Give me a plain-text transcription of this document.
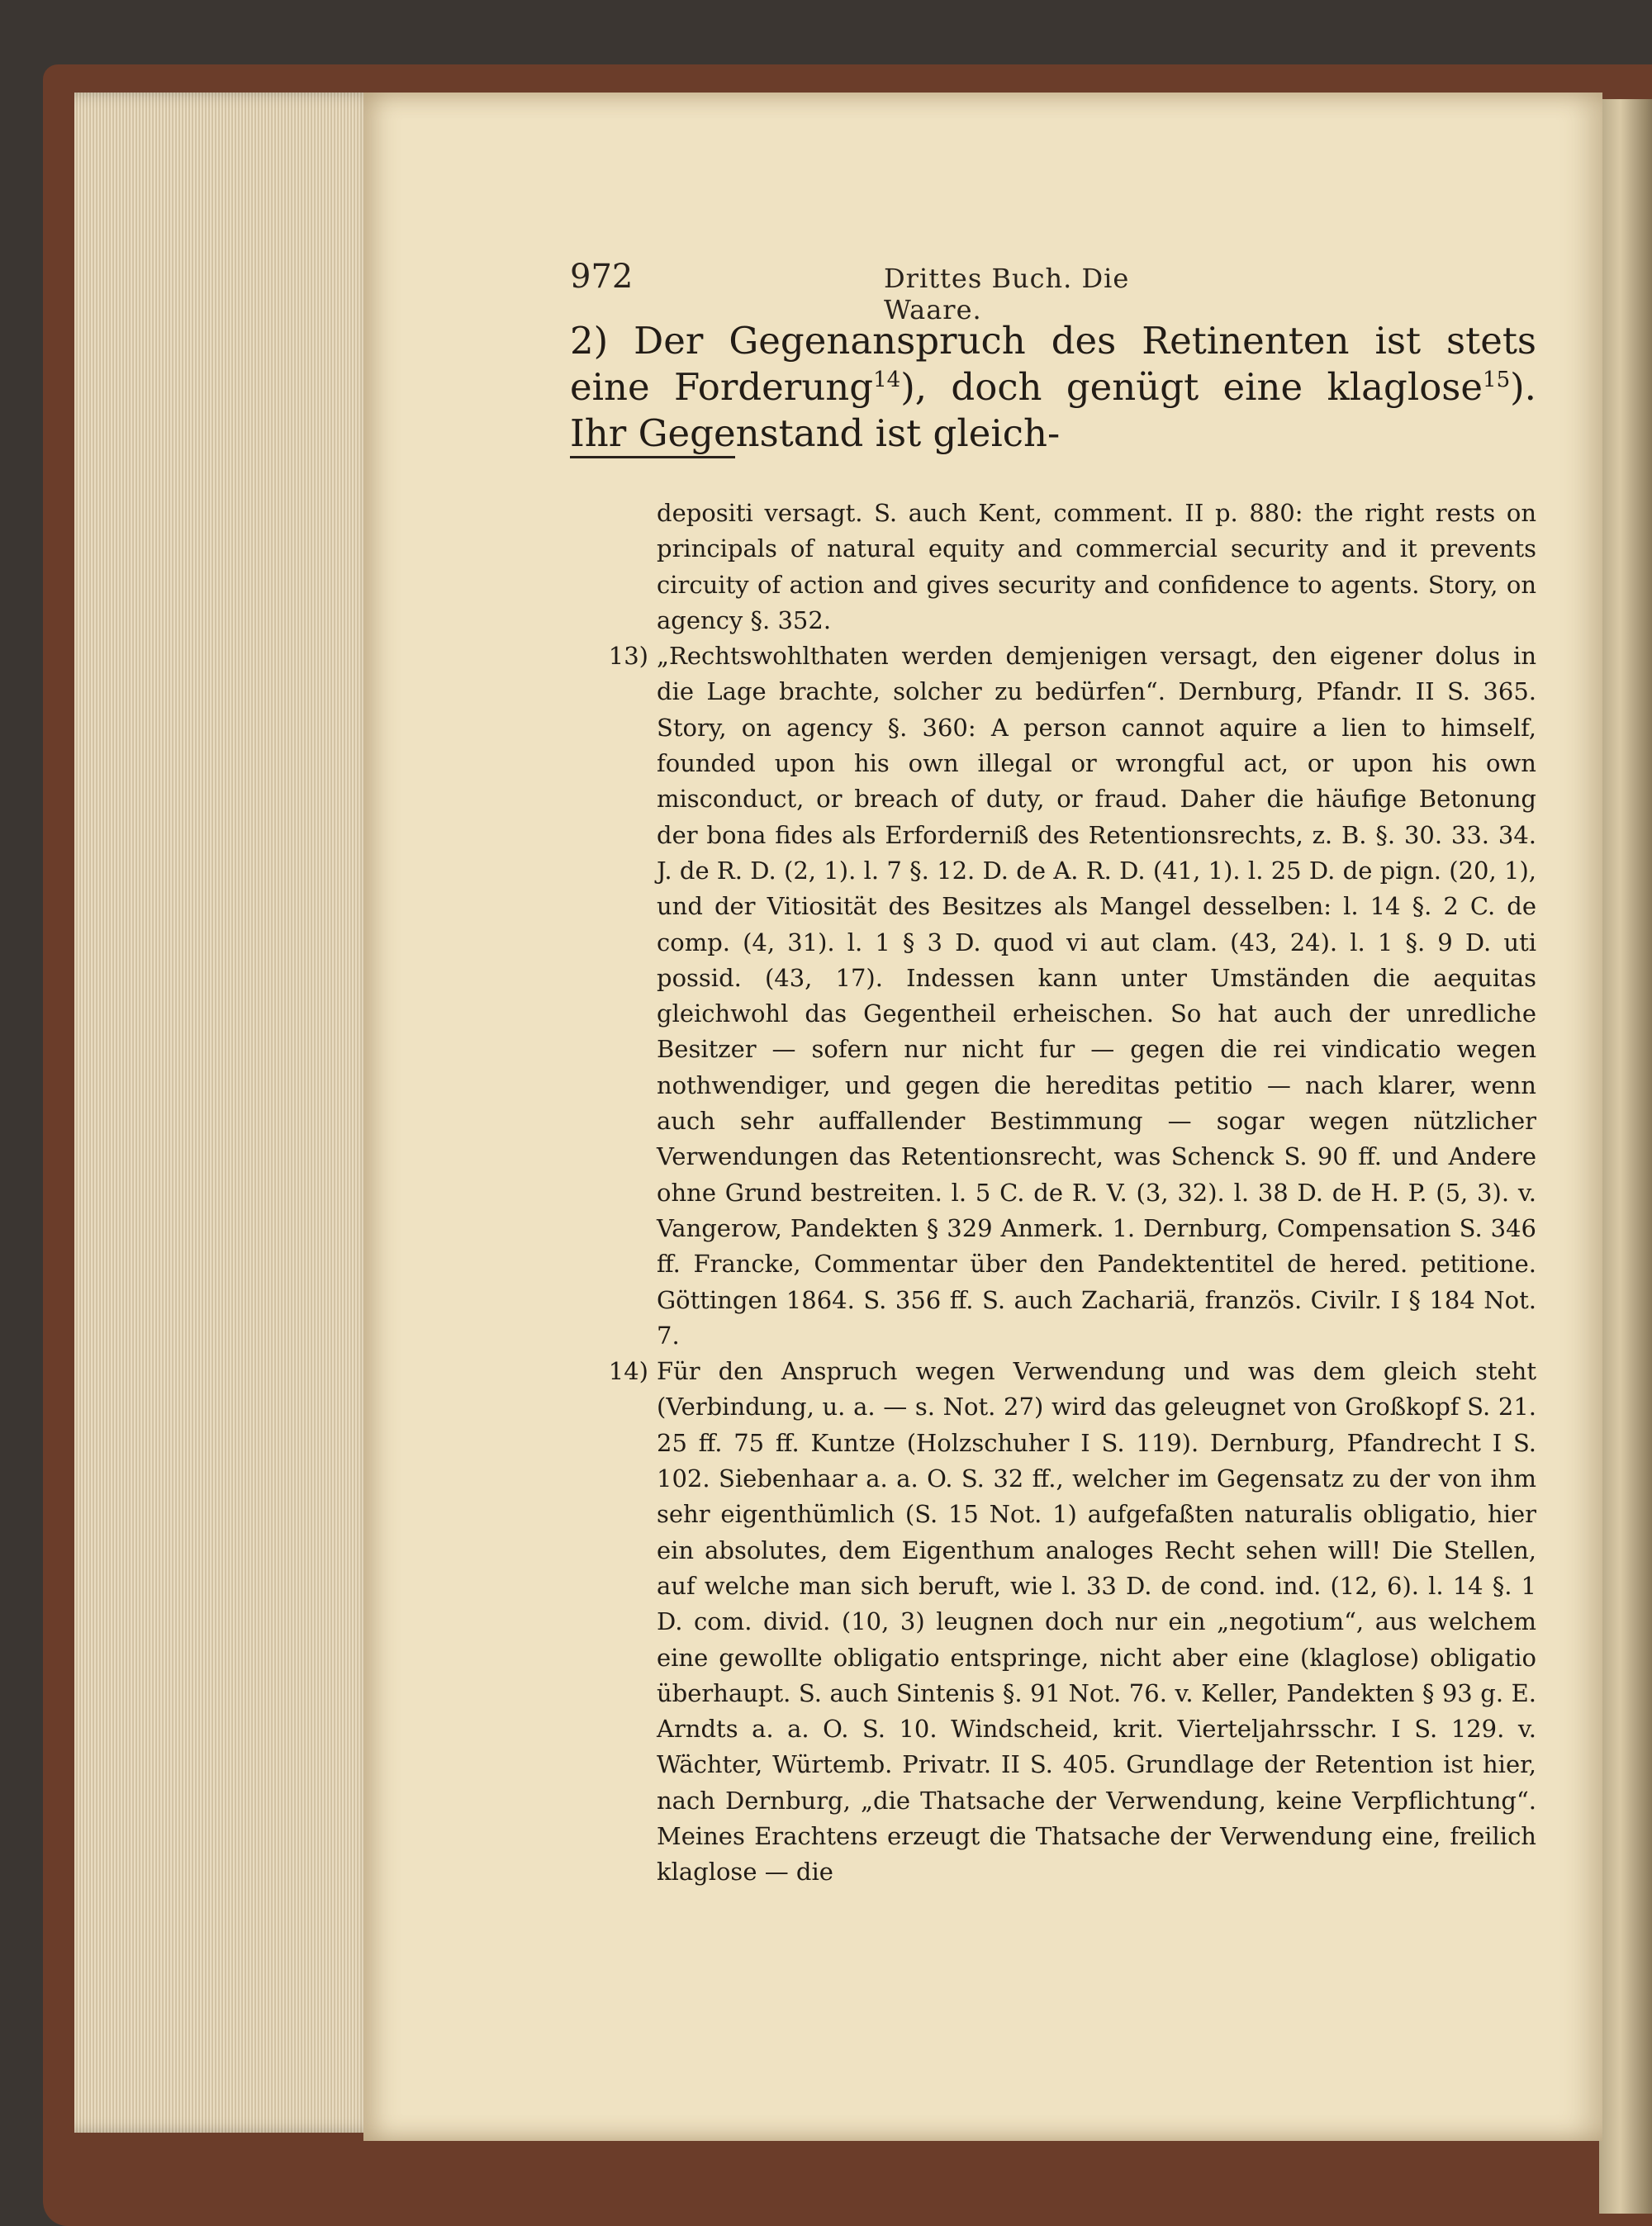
972	Drittes Buch. Die Waare.
2) Der Gegenanspruch des Retinenten ist stets eine Forderung$^{14}$), doch genügt eine klaglose$^{15}$). Ihr Gegenstand ist gleich-
depositi versagt. S. auch Kent, comment. II p. 880: the right rests on principals of natural equity and commercial security and it prevents circuity of action and gives security and confidence to agents. Story, on agency §. 352.
13) „Rechtswohlthaten werden demjenigen versagt, den eigener dolus in die Lage brachte, solcher zu bedürfen“. Dernburg, Pfandr. II S. 365. Story, on agency §. 360: A person cannot aquire a lien to himself, founded upon his own illegal or wrongful act, or upon his own misconduct, or breach of duty, or fraud. Daher die häufige Betonung der bona fides als Erforderniß des Retentionsrechts, z. B. §. 30. 33. 34. J. de R. D. (2, 1). l. 7 §. 12. D. de A. R. D. (41, 1). l. 25 D. de pign. (20, 1), und der Vitiosität des Besitzes als Mangel desselben: l. 14 §. 2 C. de comp. (4, 31). l. 1 § 3 D. quod vi aut clam. (43, 24). l. 1 §. 9 D. uti possid. (43, 17). Indessen kann unter Umständen die aequitas gleichwohl das Gegentheil erheischen. So hat auch der unredliche Besitzer — sofern nur nicht fur — gegen die rei vindicatio wegen nothwendiger, und gegen die hereditas petitio — nach klarer, wenn auch sehr auffallender Bestimmung — sogar wegen nützlicher Verwendungen das Retentionsrecht, was Schenck S. 90 ff. und Andere ohne Grund bestreiten. l. 5 C. de R. V. (3, 32). l. 38 D. de H. P. (5, 3). v. Vangerow, Pandekten § 329 Anmerk. 1. Dernburg, Compensation S. 346 ff. Francke, Commentar über den Pandektentitel de hered. petitione. Göttingen 1864. S. 356 ff. S. auch Zachariä, französ. Civilr. I § 184 Not. 7.
14) Für den Anspruch wegen Verwendung und was dem gleich steht (Verbindung, u. a. — s. Not. 27) wird das geleugnet von Großkopf S. 21. 25 ff. 75 ff. Kuntze (Holzschuher I S. 119). Dernburg, Pfandrecht I S. 102. Siebenhaar a. a. O. S. 32 ff., welcher im Gegensatz zu der von ihm sehr eigenthümlich (S. 15 Not. 1) aufgefaßten naturalis obligatio, hier ein absolutes, dem Eigenthum analoges Recht sehen will! Die Stellen, auf welche man sich beruft, wie l. 33 D. de cond. ind. (12, 6). l. 14 §. 1 D. com. divid. (10, 3) leugnen doch nur ein „negotium“, aus welchem eine gewollte obligatio entspringe, nicht aber eine (klaglose) obligatio überhaupt. S. auch Sintenis §. 91 Not. 76. v. Keller, Pandekten § 93 g. E. Arndts a. a. O. S. 10. Windscheid, krit. Vierteljahrsschr. I S. 129. v. Wächter, Würtemb. Privatr. II S. 405. Grundlage der Retention ist hier, nach Dernburg, „die Thatsache der Verwendung, keine Verpflichtung“. Meines Erachtens erzeugt die Thatsache der Verwendung eine, freilich klaglose — die
